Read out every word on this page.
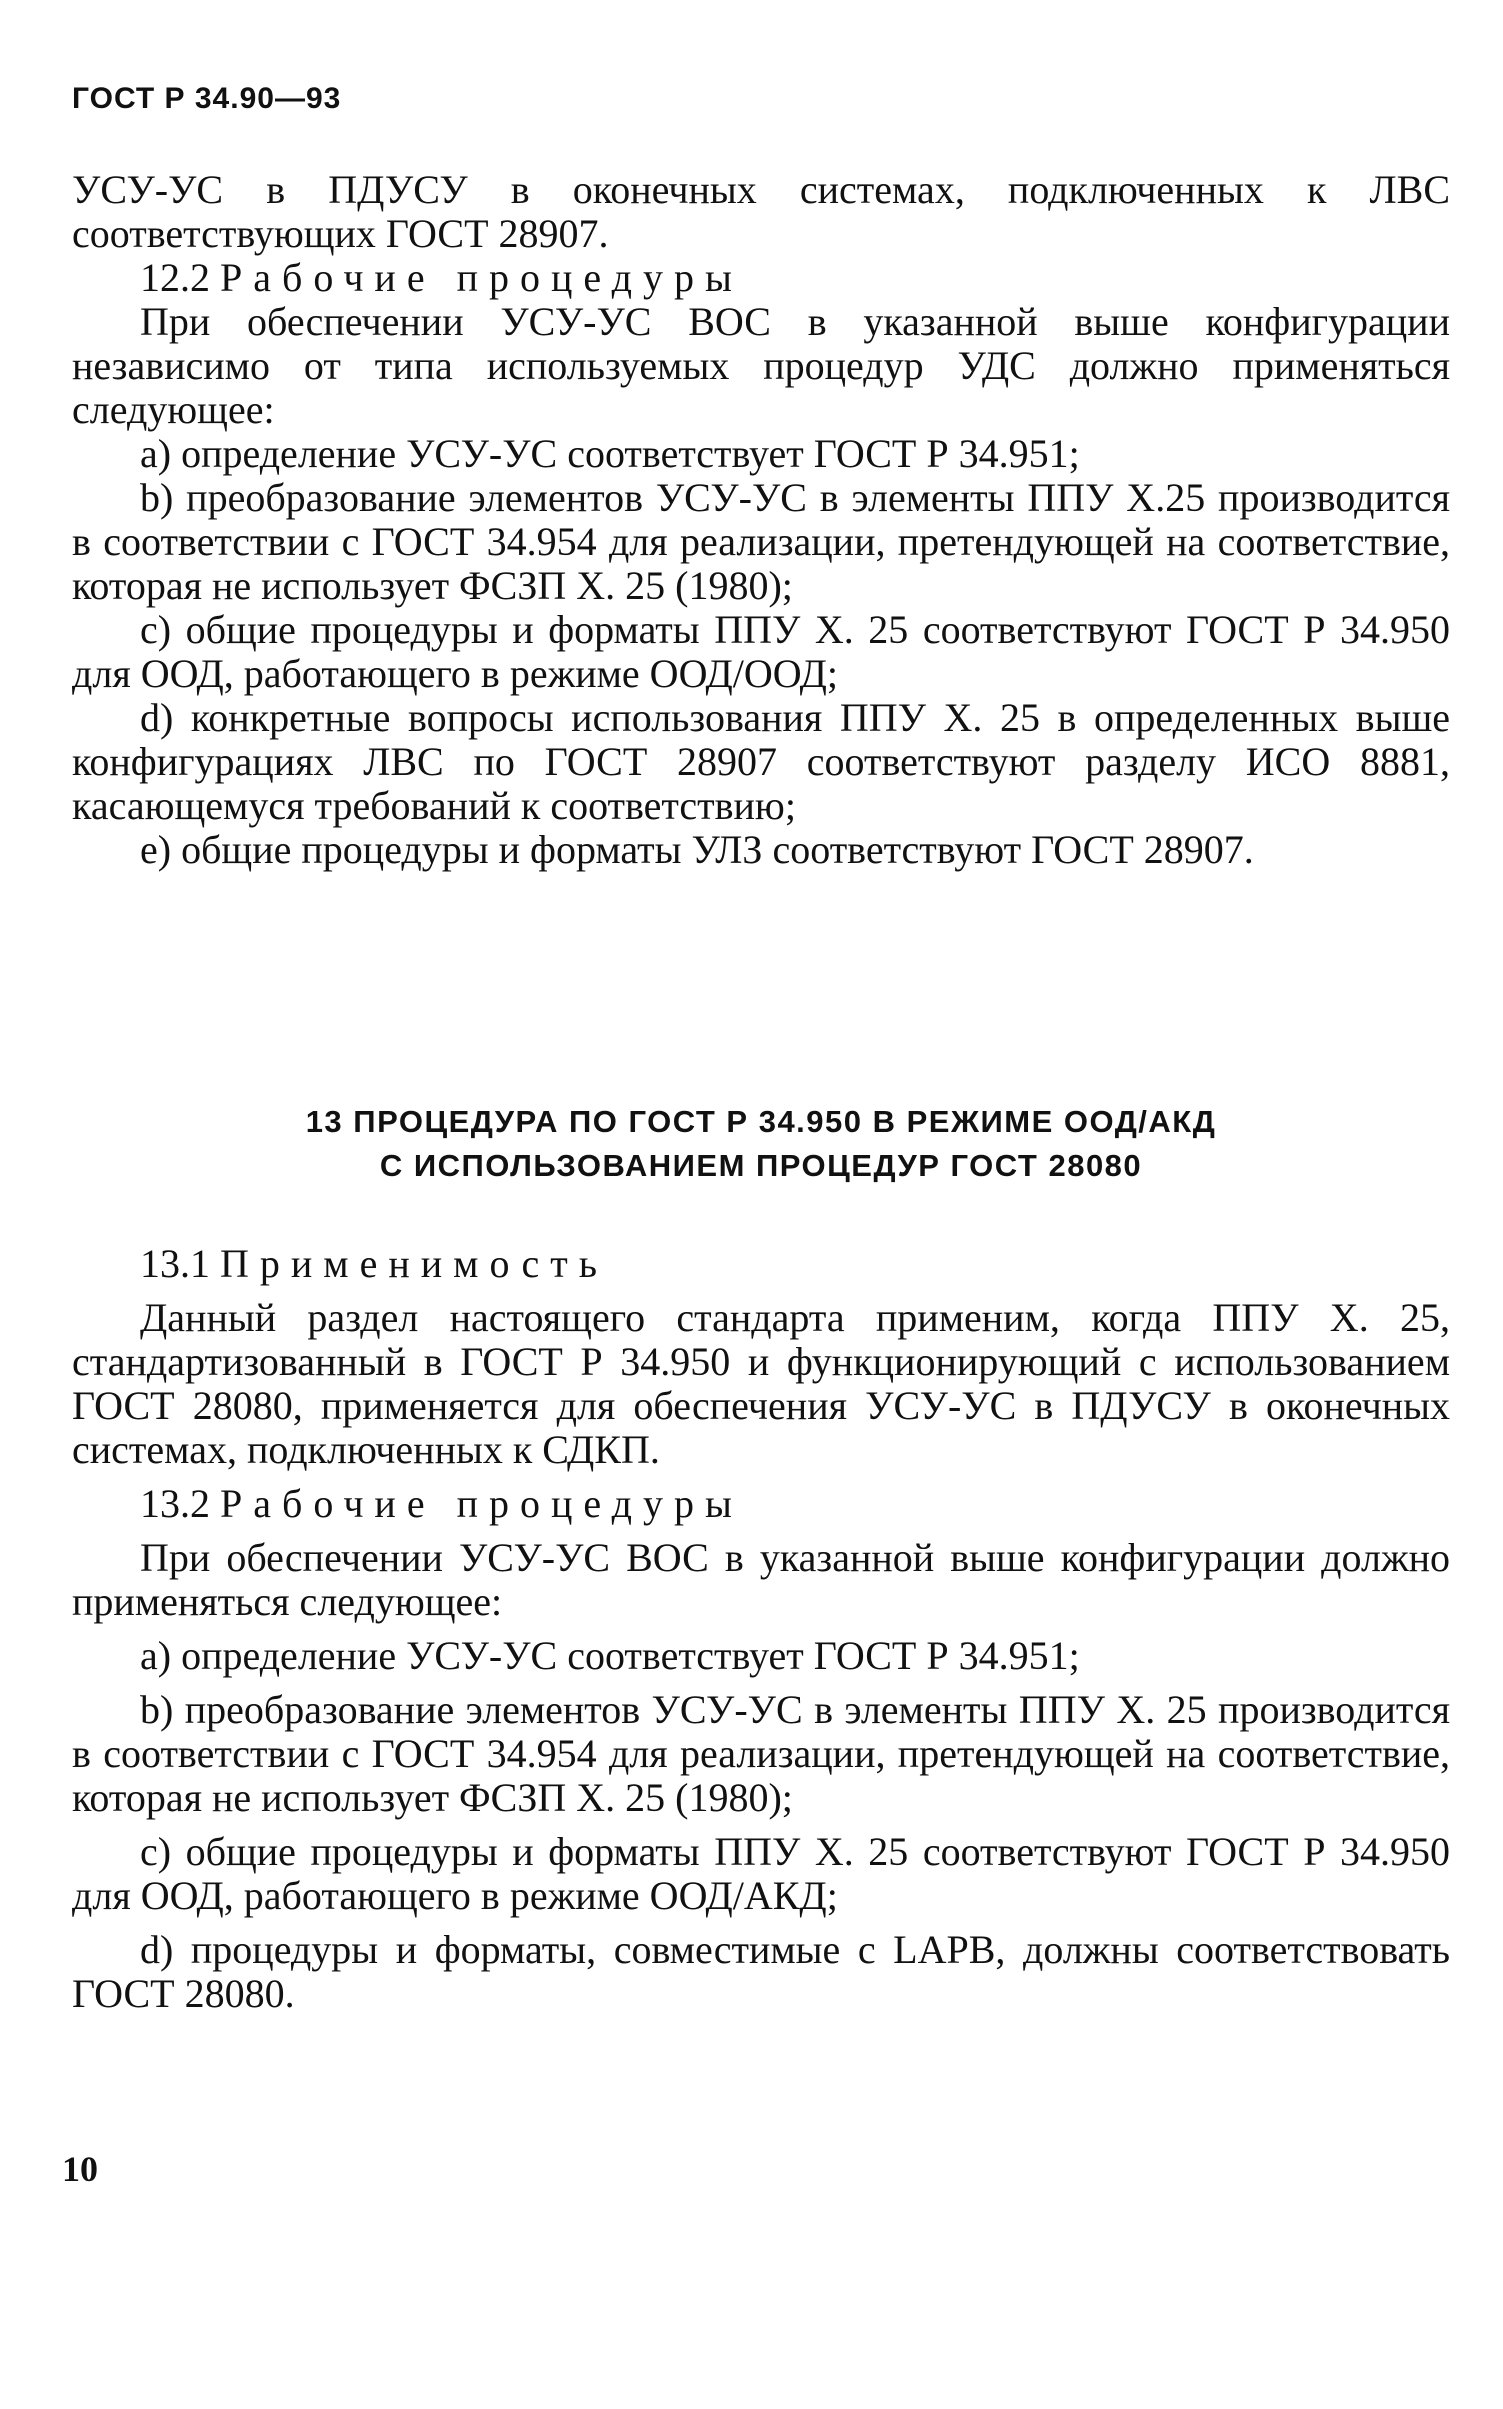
ГОСТ Р 34.90—93

УСУ-УС в ПДУСУ в оконечных системах, подключенных к ЛВС соответствующих ГОСТ 28907.

12.2 Рабочие процедуры

При обеспечении УСУ-УС ВОС в указанной выше конфигурации независимо от типа используемых процедур УДС должно применяться следующее:

a) определение УСУ-УС соответствует ГОСТ Р 34.951;

b) преобразование элементов УСУ-УС в элементы ППУ Х.25 производится в соответствии с ГОСТ 34.954 для реализации, претендующей на соответствие, которая не использует ФСЗП Х. 25 (1980);

c) общие процедуры и форматы ППУ Х. 25 соответствуют ГОСТ Р 34.950 для ООД, работающего в режиме ООД/ООД;

d) конкретные вопросы использования ППУ Х. 25 в определенных выше конфигурациях ЛВС по ГОСТ 28907 соответствуют разделу ИСО 8881, касающемуся требований к соответствию;

e) общие процедуры и форматы УЛЗ соответствуют ГОСТ 28907.

13 ПРОЦЕДУРА ПО ГОСТ Р 34.950 В РЕЖИМЕ ООД/АКД
С ИСПОЛЬЗОВАНИЕМ ПРОЦЕДУР ГОСТ 28080

13.1 Применимость

Данный раздел настоящего стандарта применим, когда ППУ Х. 25, стандартизованный в ГОСТ Р 34.950 и функционирующий с использованием ГОСТ 28080, применяется для обеспечения УСУ-УС в ПДУСУ в оконечных системах, подключенных к СДКП.

13.2 Рабочие процедуры

При обеспечении УСУ-УС ВОС в указанной выше конфигурации должно применяться следующее:

a) определение УСУ-УС соответствует ГОСТ Р 34.951;

b) преобразование элементов УСУ-УС в элементы ППУ Х. 25 производится в соответствии с ГОСТ 34.954 для реализации, претендующей на соответствие, которая не использует ФСЗП Х. 25 (1980);

c) общие процедуры и форматы ППУ Х. 25 соответствуют ГОСТ Р 34.950 для ООД, работающего в режиме ООД/АКД;

d) процедуры и форматы, совместимые с LAPB, должны соответствовать ГОСТ 28080.

10
